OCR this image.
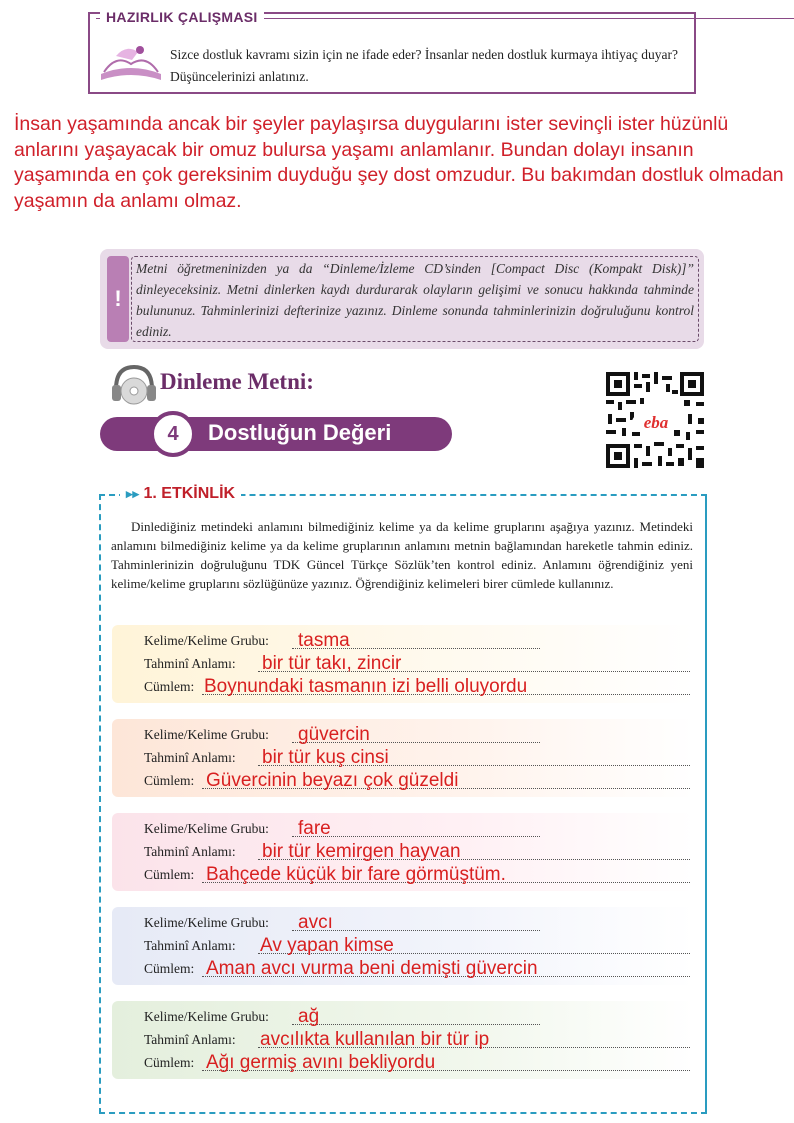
HAZIRLIK ÇALIŞMASI
Sizce dostluk kavramı sizin için ne ifade eder? İnsanlar neden dostluk kurmaya ihtiyaç duyar? Düşüncelerinizi anlatınız.
İnsan yaşamında ancak bir şeyler paylaşırsa duygularını ister sevinçli ister hüzünlü anlarını yaşayacak bir omuz bulursa yaşamı anlamlanır. Bundan dolayı insanın yaşamında en çok gereksinim duyduğu şey dost omzudur. Bu bakımdan dostluk olmadan yaşamın da anlamı olmaz.
!
Metni öğretmeninizden ya da “Dinleme/İzleme CD’sinden [Compact Disc (Kompakt Disk)]” dinleyeceksiniz. Metni dinlerken kaydı durdurarak olayların gelişimi ve sonucu hakkında tahminde bulununuz. Tahminlerinizi defterinize yazınız. Dinleme sonunda tahminlerinizin doğruluğunu kontrol ediniz.
Dinleme Metni:
4	Dostluğun Değeri	eba
▸▸ 1. ETKİNLİK
Dinlediğiniz metindeki anlamını bilmediğiniz kelime ya da kelime gruplarını aşağıya yazınız. Metindeki anlamını bilmediğiniz kelime ya da kelime gruplarının anlamını metnin bağlamından hareketle tahmin ediniz. Tahminlerinizin doğruluğunu TDK Güncel Türkçe Sözlük’ten kontrol ediniz. Anlamını öğrendiğiniz yeni kelime/kelime gruplarını sözlüğünüze yazınız. Öğrendiğiniz kelimeleri birer cümlede kullanınız.
Kelime/Kelime Grubu: tasma
Tahminî Anlamı: bir tür takı, zincir
Cümlem: Boynundaki tasmanın izi belli oluyordu
Kelime/Kelime Grubu: güvercin
Tahminî Anlamı: bir tür kuş cinsi
Cümlem: Güvercinin beyazı çok güzeldi
Kelime/Kelime Grubu: fare
Tahminî Anlamı: bir tür kemirgen hayvan
Cümlem: Bahçede küçük bir fare görmüştüm.
Kelime/Kelime Grubu: avcı
Tahminî Anlamı: Av yapan kimse
Cümlem: Aman avcı vurma beni demişti güvercin
Kelime/Kelime Grubu: ağ
Tahminî Anlamı: avcılıkta kullanılan bir tür ip
Cümlem: Ağı germiş avını bekliyordu
